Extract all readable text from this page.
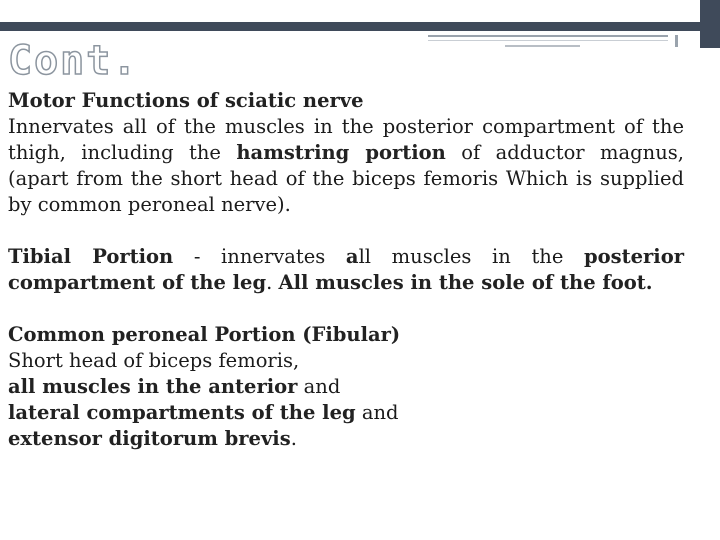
Cont.

Motor Functions of sciatic nerve

Innervates all of the muscles in the posterior compartment of the thigh, including the hamstring portion of adductor magnus, (apart from the short head of the biceps femoris Which is supplied by common peroneal nerve).

Tibial Portion - innervates all muscles in the posterior compartment of the leg. All muscles in the sole of the foot.

Common peroneal Portion (Fibular)

Short head of biceps femoris,

all muscles in the anterior and

lateral compartments of the leg and

extensor digitorum brevis.
